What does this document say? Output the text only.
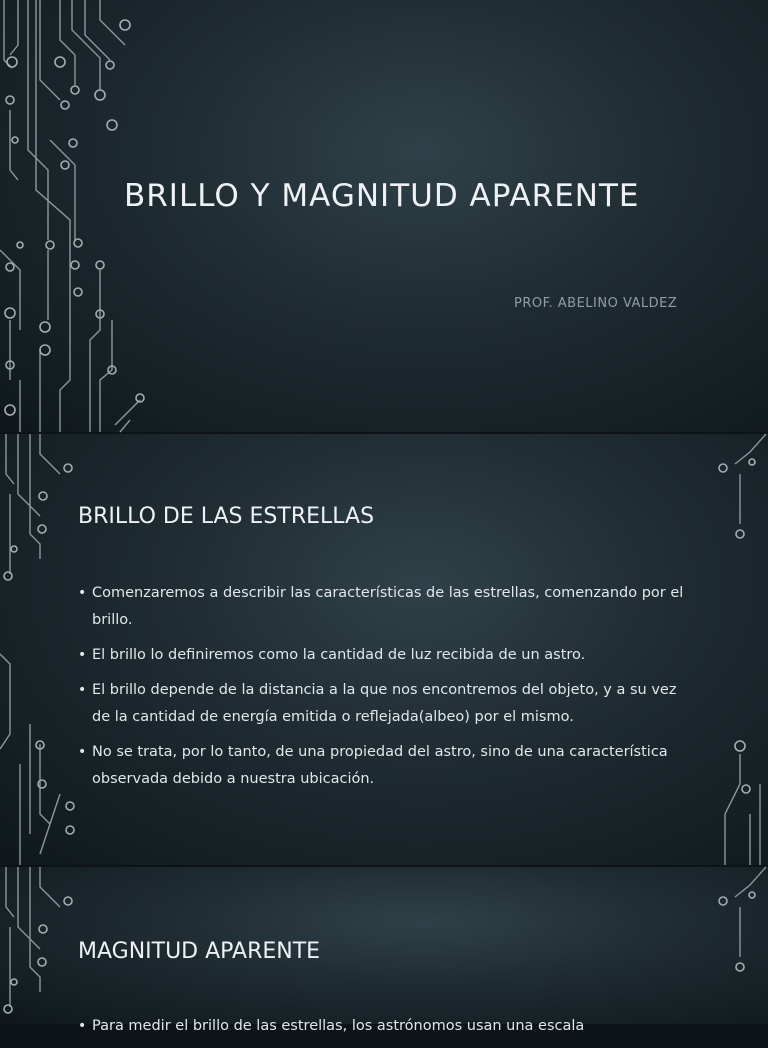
BRILLO Y MAGNITUD APARENTE

PROF. ABELINO VALDEZ

BRILLO DE LAS ESTRELLAS
• Comenzaremos a describir las características de las estrellas, comenzando por el brillo.
• El brillo lo definiremos como la cantidad de luz recibida de un astro.
• El brillo depende de la distancia a la que nos encontremos del objeto, y a su vez de la cantidad de energía emitida o reflejada(albeo) por el mismo.
• No se trata, por lo tanto, de una propiedad del astro, sino de una característica observada debido a nuestra ubicación.
MAGNITUD APARENTE
• Para medir el brillo de las estrellas, los astrónomos usan una escala
